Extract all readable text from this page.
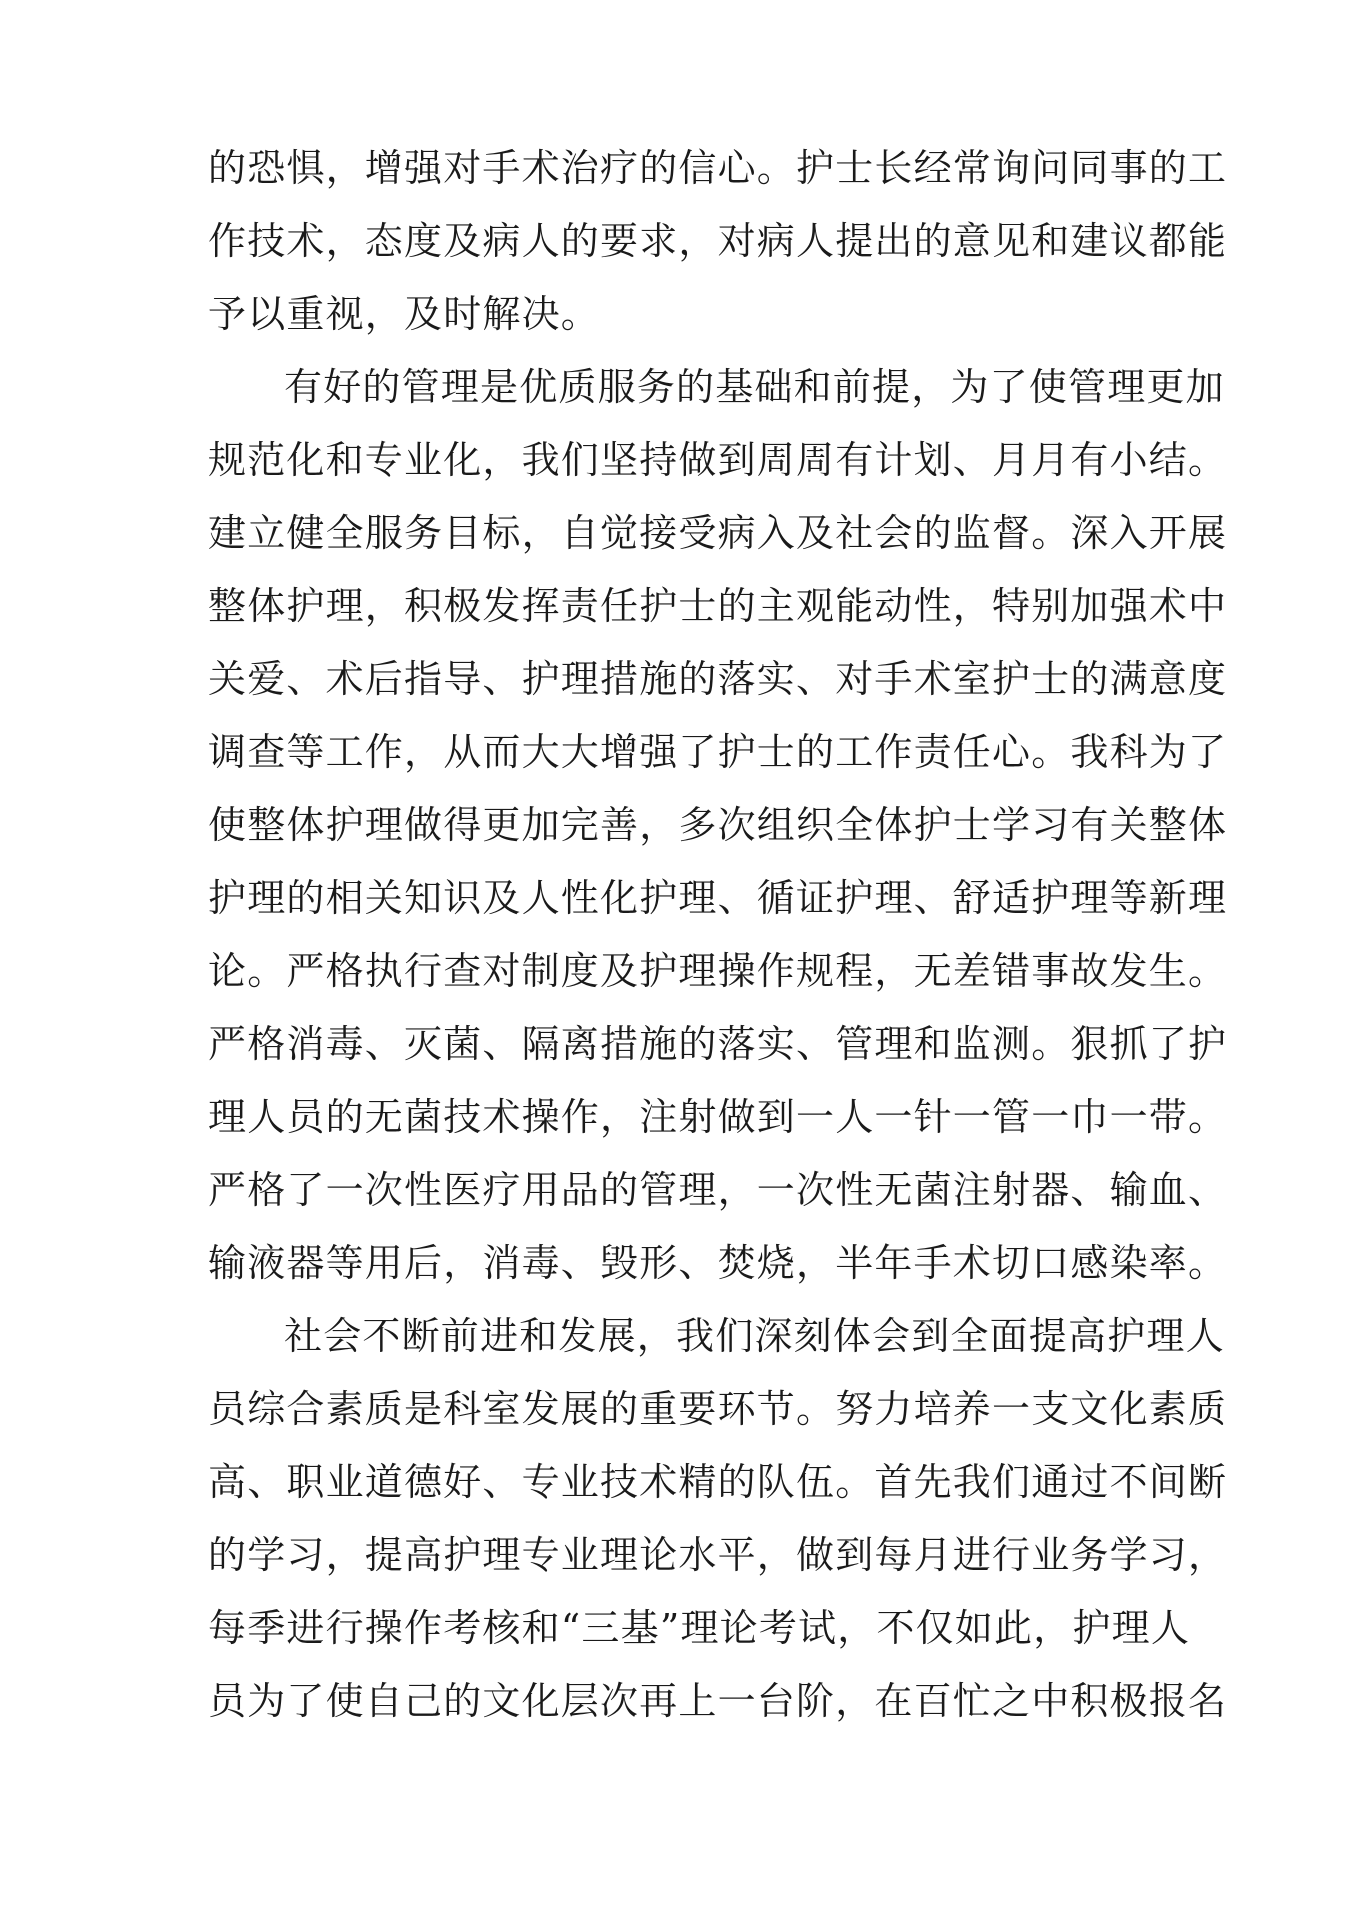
的恐惧，增强对手术治疗的信心。护士长经常询问同事的工
作技术，态度及病人的要求，对病人提出的意见和建议都能
予以重视，及时解决。
有好的管理是优质服务的基础和前提，为了使管理更加
规范化和专业化，我们坚持做到周周有计划、月月有小结。
建立健全服务目标，自觉接受病入及社会的监督。深入开展
整体护理，积极发挥责任护士的主观能动性，特别加强术中
关爱、术后指导、护理措施的落实、对手术室护士的满意度
调查等工作，从而大大增强了护士的工作责任心。我科为了
使整体护理做得更加完善，多次组织全体护士学习有关整体
护理的相关知识及人性化护理、循证护理、舒适护理等新理
论。严格执行查对制度及护理操作规程，无差错事故发生。
严格消毒、灭菌、隔离措施的落实、管理和监测。狠抓了护
理人员的无菌技术操作，注射做到一人一针一管一巾一带。
严格了一次性医疗用品的管理，一次性无菌注射器、输血、
输液器等用后，消毒、毁形、焚烧，半年手术切口感染率。
社会不断前进和发展，我们深刻体会到全面提高护理人
员综合素质是科室发展的重要环节。努力培养一支文化素质
高、职业道德好、专业技术精的队伍。首先我们通过不间断
的学习，提高护理专业理论水平，做到每月进行业务学习，
每季进行操作考核和“三基”理论考试，不仅如此，护理人
员为了使自己的文化层次再上一台阶，在百忙之中积极报名
